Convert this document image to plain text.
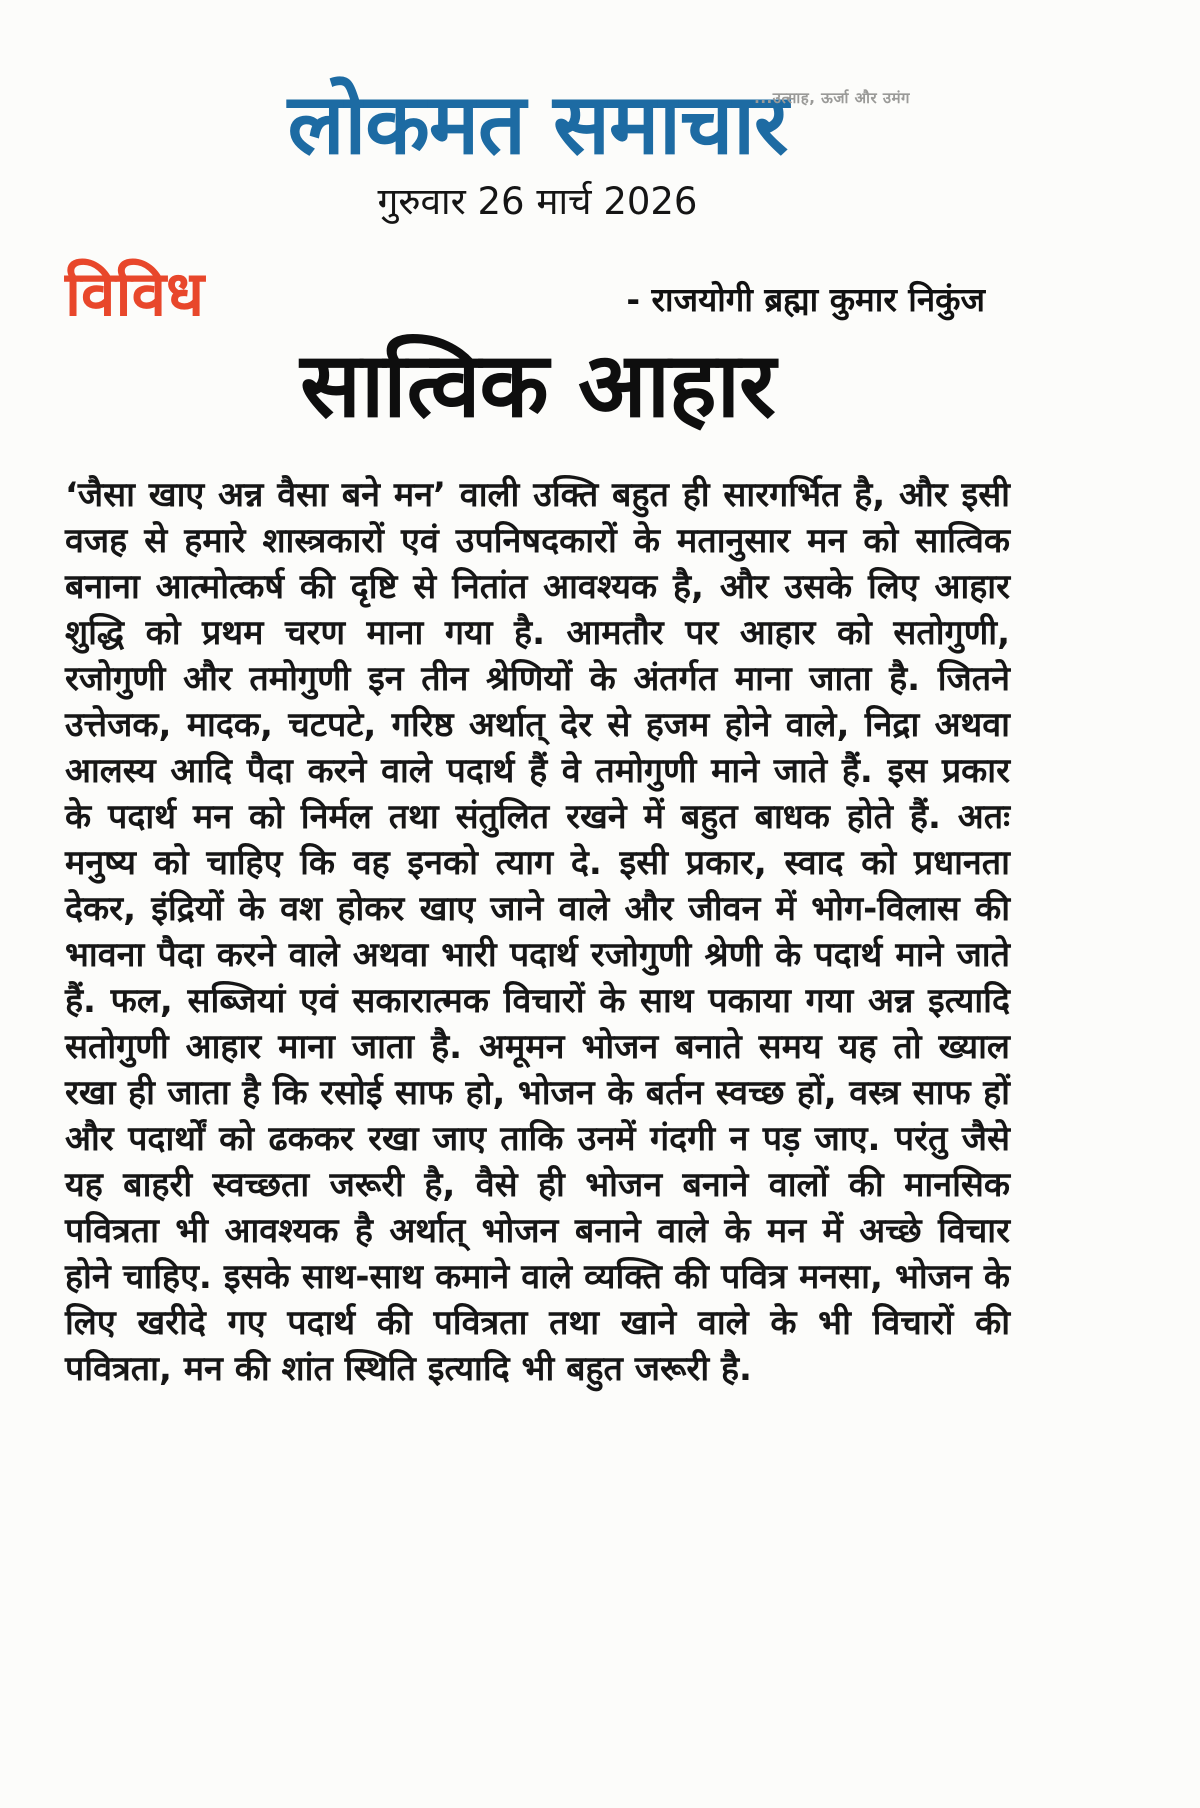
...उत्साह, ऊर्जा और उमंग
लोकमत समाचार
गुरुवार 26 मार्च 2026
विविध	- राजयोगी ब्रह्मा कुमार निकुंज
सात्विक आहार

‘जैसा खाए अन्न वैसा बने मन’ वाली उक्ति बहुत ही सारगर्भित है, और इसी वजह से हमारे शास्त्रकारों एवं उपनिषदकारों के मतानुसार मन को सात्विक बनाना आत्मोत्कर्ष की दृष्टि से नितांत आवश्यक है, और उसके लिए आहार शुद्धि को प्रथम चरण माना गया है. आमतौर पर आहार को सतोगुणी, रजोगुणी और तमोगुणी इन तीन श्रेणियों के अंतर्गत माना जाता है. जितने उत्तेजक, मादक, चटपटे, गरिष्ठ अर्थात् देर से हजम होने वाले, निद्रा अथवा आलस्य आदि पैदा करने वाले पदार्थ हैं वे तमोगुणी माने जाते हैं. इस प्रकार के पदार्थ मन को निर्मल तथा संतुलित रखने में बहुत बाधक होते हैं. अतः मनुष्य को चाहिए कि वह इनको त्याग दे. इसी प्रकार, स्वाद को प्रधानता देकर, इंद्रियों के वश होकर खाए जाने वाले और जीवन में भोग-विलास की भावना पैदा करने वाले अथवा भारी पदार्थ रजोगुणी श्रेणी के पदार्थ माने जाते हैं. फल, सब्जियां एवं सकारात्मक विचारों के साथ पकाया गया अन्न इत्यादि सतोगुणी आहार माना जाता है. अमूमन भोजन बनाते समय यह तो ख्याल रखा ही जाता है कि रसोई साफ हो, भोजन के बर्तन स्वच्छ हों, वस्त्र साफ हों और पदार्थों को ढककर रखा जाए ताकि उनमें गंदगी न पड़ जाए. परंतु जैसे यह बाहरी स्वच्छता जरूरी है, वैसे ही भोजन बनाने वालों की मानसिक पवित्रता भी आवश्यक है अर्थात् भोजन बनाने वाले के मन में अच्छे विचार होने चाहिए. इसके साथ-साथ कमाने वाले व्यक्ति की पवित्र मनसा, भोजन के लिए खरीदे गए पदार्थ की पवित्रता तथा खाने वाले के भी विचारों की पवित्रता, मन की शांत स्थिति इत्यादि भी बहुत जरूरी है.
